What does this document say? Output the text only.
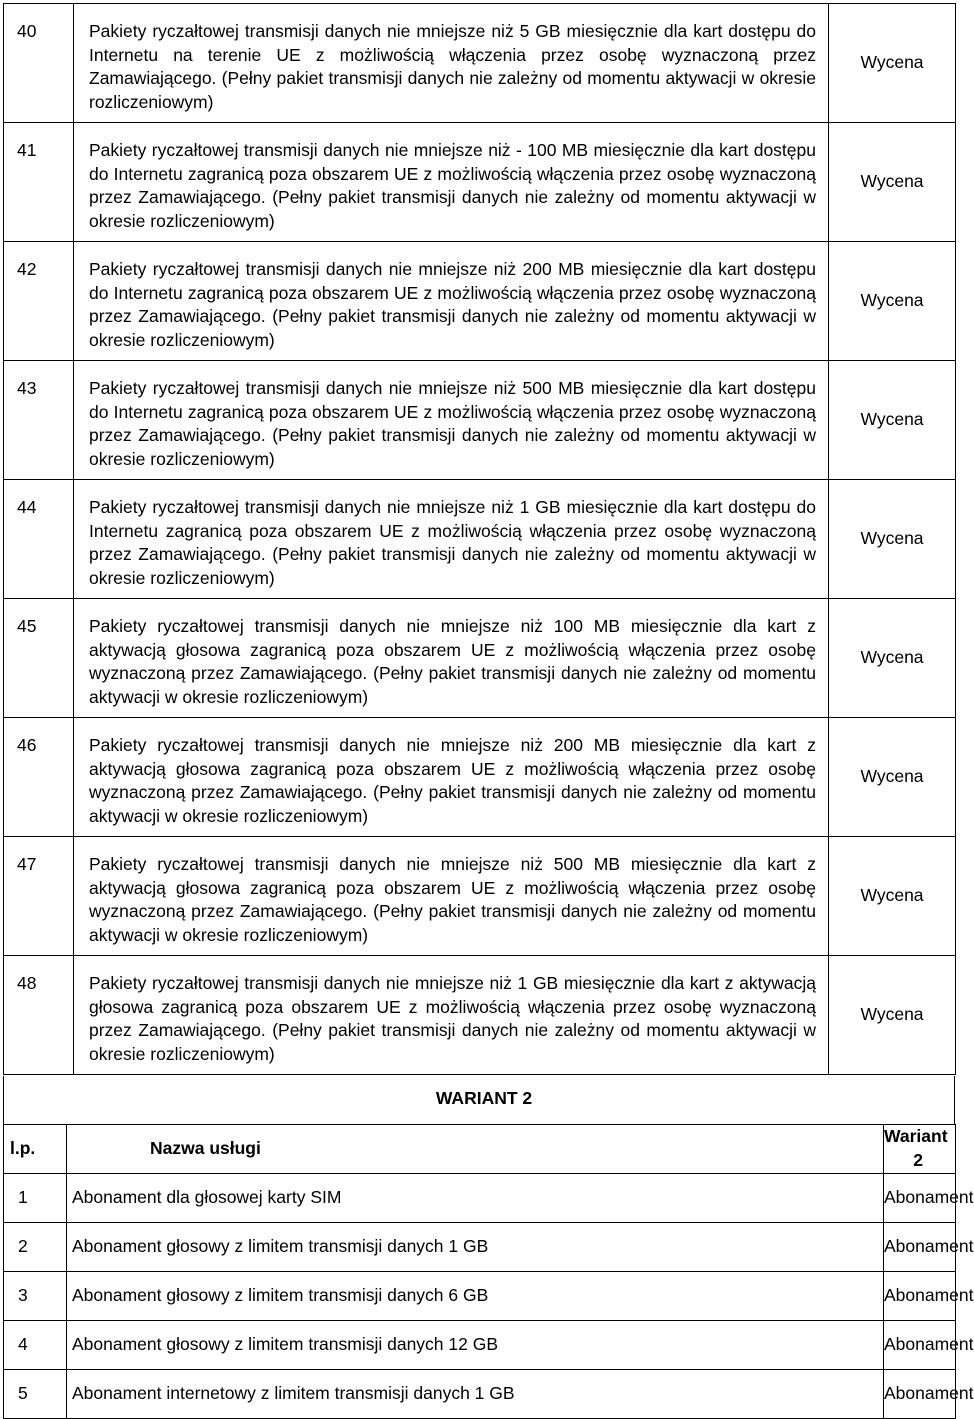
40	Pakiety ryczałtowej transmisji danych nie mniejsze niż 5 GB miesięcznie dla kart dostępu do Internetu na terenie UE z możliwością włączenia przez osobę wyznaczoną przez Zamawiającego. (Pełny pakiet transmisji danych nie zależny od momentu aktywacji w okresie rozliczeniowym)	Wycena
41	Pakiety ryczałtowej transmisji danych nie mniejsze niż - 100 MB miesięcznie dla kart dostępu do Internetu zagranicą poza obszarem UE z możliwością włączenia przez osobę wyznaczoną przez Zamawiającego. (Pełny pakiet transmisji danych nie zależny od momentu aktywacji w okresie rozliczeniowym)	Wycena
42	Pakiety ryczałtowej transmisji danych nie mniejsze niż 200 MB miesięcznie dla kart dostępu do Internetu zagranicą poza obszarem UE z możliwością włączenia przez osobę wyznaczoną przez Zamawiającego. (Pełny pakiet transmisji danych nie zależny od momentu aktywacji w okresie rozliczeniowym)	Wycena
43	Pakiety ryczałtowej transmisji danych nie mniejsze niż 500 MB miesięcznie dla kart dostępu do Internetu zagranicą poza obszarem UE z możliwością włączenia przez osobę wyznaczoną przez Zamawiającego. (Pełny pakiet transmisji danych nie zależny od momentu aktywacji w okresie rozliczeniowym)	Wycena
44	Pakiety ryczałtowej transmisji danych nie mniejsze niż 1 GB miesięcznie dla kart dostępu do Internetu zagranicą poza obszarem UE z możliwością włączenia przez osobę wyznaczoną przez Zamawiającego. (Pełny pakiet transmisji danych nie zależny od momentu aktywacji w okresie rozliczeniowym)	Wycena
45	Pakiety ryczałtowej transmisji danych nie mniejsze niż 100 MB miesięcznie dla kart z aktywacją głosowa zagranicą poza obszarem UE z możliwością włączenia przez osobę wyznaczoną przez Zamawiającego. (Pełny pakiet transmisji danych nie zależny od momentu aktywacji w okresie rozliczeniowym)	Wycena
46	Pakiety ryczałtowej transmisji danych nie mniejsze niż 200 MB miesięcznie dla kart z aktywacją głosowa zagranicą poza obszarem UE z możliwością włączenia przez osobę wyznaczoną przez Zamawiającego. (Pełny pakiet transmisji danych nie zależny od momentu aktywacji w okresie rozliczeniowym)	Wycena
47	Pakiety ryczałtowej transmisji danych nie mniejsze niż 500 MB miesięcznie dla kart z aktywacją głosowa zagranicą poza obszarem UE z możliwością włączenia przez osobę wyznaczoną przez Zamawiającego. (Pełny pakiet transmisji danych nie zależny od momentu aktywacji w okresie rozliczeniowym)	Wycena
48	Pakiety ryczałtowej transmisji danych nie mniejsze niż 1 GB miesięcznie dla kart z aktywacją głosowa zagranicą poza obszarem UE z możliwością włączenia przez osobę wyznaczoną przez Zamawiającego. (Pełny pakiet transmisji danych nie zależny od momentu aktywacji w okresie rozliczeniowym)	Wycena
WARIANT 2
l.p.	Nazwa usługi	Wariant 2
1	Abonament dla głosowej karty SIM	Abonament
2	Abonament głosowy z limitem transmisji danych 1 GB	Abonament
3	Abonament głosowy z limitem transmisji danych 6 GB	Abonament
4	Abonament głosowy z limitem transmisji danych 12 GB	Abonament
5	Abonament internetowy z limitem transmisji danych 1 GB	Abonament
